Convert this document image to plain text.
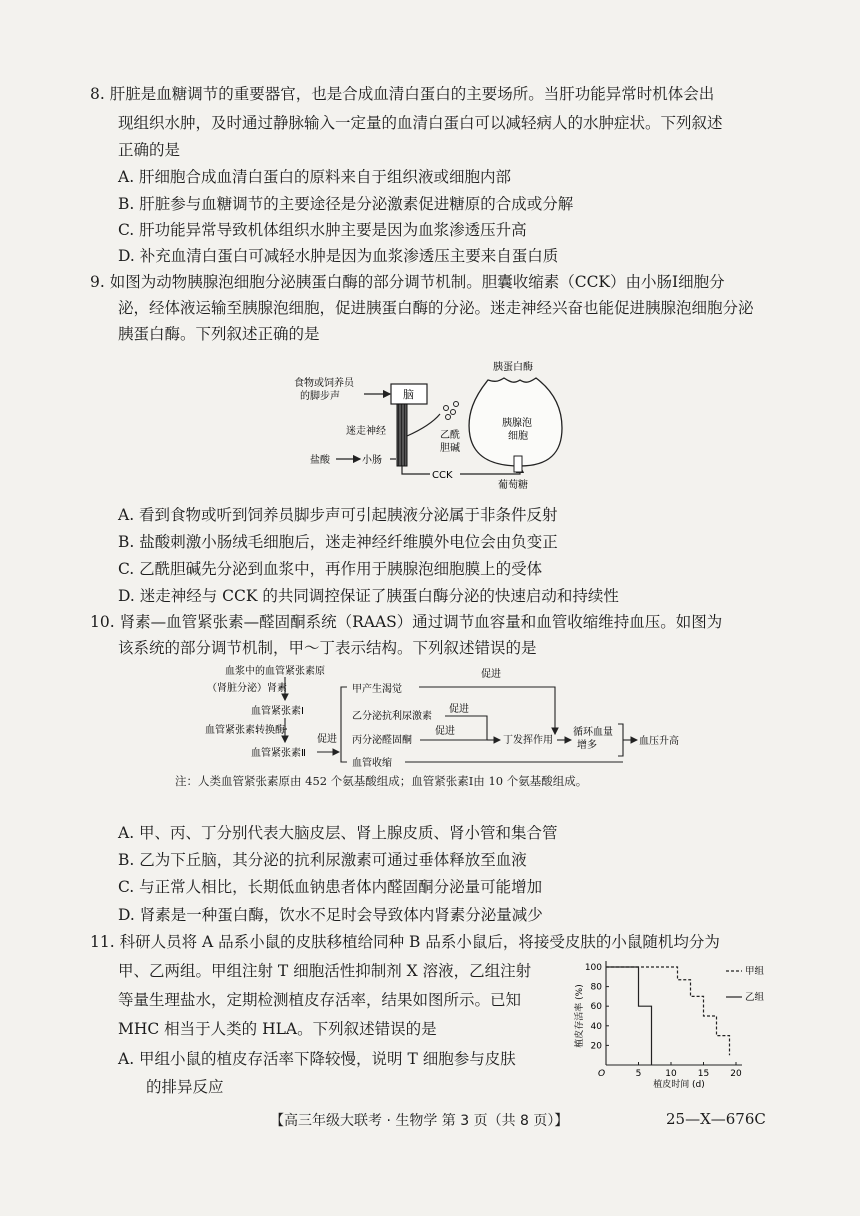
8. 肝脏是血糖调节的重要器官，也是合成血清白蛋白的主要场所。当肝功能异常时机体会出
现组织水肿，及时通过静脉输入一定量的血清白蛋白可以减轻病人的水肿症状。下列叙述
正确的是
A. 肝细胞合成血清白蛋白的原料来自于组织液或细胞内部
B. 肝脏参与血糖调节的主要途径是分泌激素促进糖原的合成或分解
C. 肝功能异常导致机体组织水肿主要是因为血浆渗透压升高
D. 补充血清白蛋白可减轻水肿是因为血浆渗透压主要来自蛋白质
9. 如图为动物胰腺泡细胞分泌胰蛋白酶的部分调节机制。胆囊收缩素（CCK）由小肠Ⅰ细胞分
泌，经体液运输至胰腺泡细胞，促进胰蛋白酶的分泌。迷走神经兴奋也能促进胰腺泡细胞分泌
胰蛋白酶。下列叙述正确的是
食物或饲养员
的脚步声	脑
迷走神经
盐酸	小肠
CCK
乙酰
胆碱
胰蛋白酶
胰腺泡
细胞
葡萄糖
A. 看到食物或听到饲养员脚步声可引起胰液分泌属于非条件反射
B. 盐酸刺激小肠绒毛细胞后，迷走神经纤维膜外电位会由负变正
C. 乙酰胆碱先分泌到血浆中，再作用于胰腺泡细胞膜上的受体
D. 迷走神经与 CCK 的共同调控保证了胰蛋白酶分泌的快速启动和持续性
10. 肾素—血管紧张素—醛固酮系统（RAAS）通过调节血容量和血管收缩维持血压。如图为
该系统的部分调节机制，甲～丁表示结构。下列叙述错误的是
血浆中的血管紧张素原
（肾脏分泌）肾素
血管紧张素Ⅰ
血管紧张素转换酶
血管紧张素Ⅱ
促进
甲产生渴觉
乙分泌抗利尿激素
丙分泌醛固酮
血管收缩
促进
促进
促进
丁发挥作用
循环血量
增多	血压升高
注：人类血管紧张素原由 452 个氨基酸组成；血管紧张素Ⅰ由 10 个氨基酸组成。
A. 甲、丙、丁分别代表大脑皮层、肾上腺皮质、肾小管和集合管
B. 乙为下丘脑，其分泌的抗利尿激素可通过垂体释放至血液
C. 与正常人相比，长期低血钠患者体内醛固酮分泌量可能增加
D. 肾素是一种蛋白酶，饮水不足时会导致体内肾素分泌量减少
11. 科研人员将 A 品系小鼠的皮肤移植给同种 B 品系小鼠后，将接受皮肤的小鼠随机均分为
甲、乙两组。甲组注射 T 细胞活性抑制剂 X 溶液，乙组注射
等量生理盐水，定期检测植皮存活率，结果如图所示。已知
MHC 相当于人类的 HLA。下列叙述错误的是
A. 甲组小鼠的植皮存活率下降较慢，说明 T 细胞参与皮肤
的排异反应
20
40
60
80
100
5	10 15 20
O
植皮时间 (d)
植皮存活率 (%)
甲组
乙组
【高三年级大联考 · 生物学 第 3 页（共 8 页）】	25—X—676C
